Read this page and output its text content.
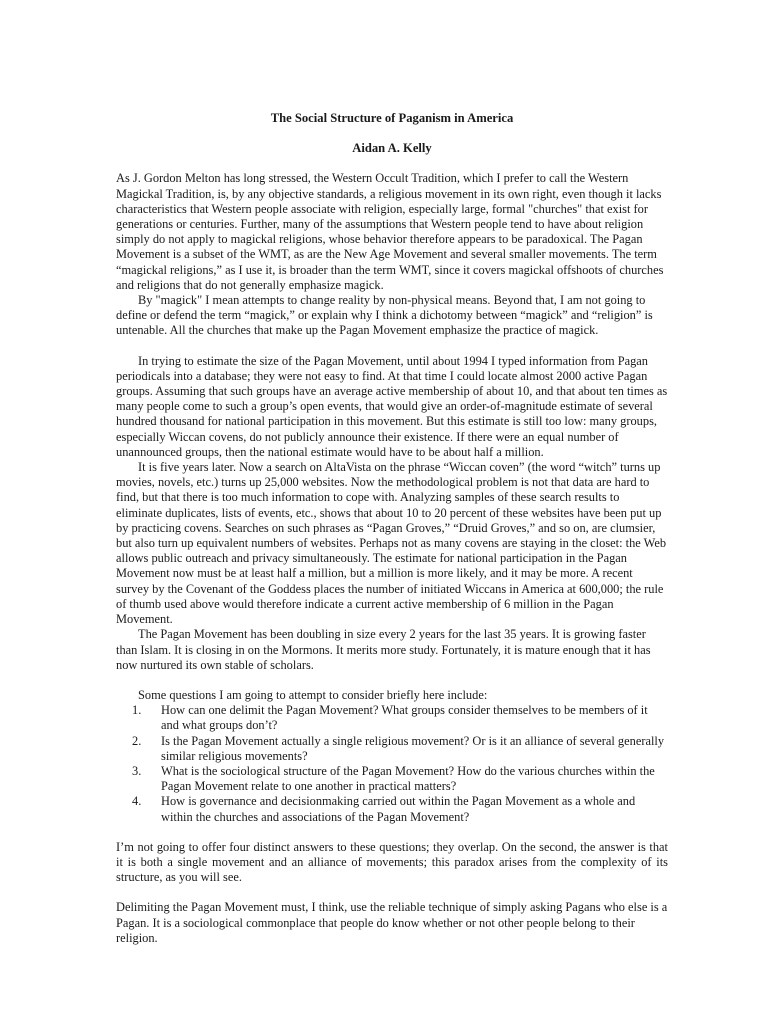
The Social Structure of Paganism in America

Aidan A. Kelly

As J. Gordon Melton has long stressed, the Western Occult Tradition, which I prefer to call the Western Magickal Tradition, is, by any objective standards, a religious movement in its own right, even though it lacks characteristics that Western people associate with religion, especially large, formal "churches" that exist for generations or centuries. Further, many of the assumptions that Western people tend to have about religion simply do not apply to magickal religions, whose behavior therefore appears to be paradoxical. The Pagan Movement is a subset of the WMT, as are the New Age Movement and several smaller movements. The term “magickal religions,” as I use it, is broader than the term WMT, since it covers magickal offshoots of churches and religions that do not generally emphasize magick.

By "magick" I mean attempts to change reality by non-physical means. Beyond that, I am not going to define or defend the term “magick,” or explain why I think a dichotomy between “magick” and “religion” is untenable. All the churches that make up the Pagan Movement emphasize the practice of magick.

In trying to estimate the size of the Pagan Movement, until about 1994 I typed information from Pagan periodicals into a database; they were not easy to find. At that time I could locate almost 2000 active Pagan groups. Assuming that such groups have an average active membership of about 10, and that about ten times as many people come to such a group’s open events, that would give an order-of-magnitude estimate of several hundred thousand for national participation in this movement. But this estimate is still too low: many groups, especially Wiccan covens, do not publicly announce their existence. If there were an equal number of unannounced groups, then the national estimate would have to be about half a million.

It is five years later. Now a search on AltaVista on the phrase “Wiccan coven” (the word “witch” turns up movies, novels, etc.) turns up 25,000 websites. Now the methodological problem is not that data are hard to find, but that there is too much information to cope with. Analyzing samples of these search results to eliminate duplicates, lists of events, etc., shows that about 10 to 20 percent of these websites have been put up by practicing covens. Searches on such phrases as “Pagan Groves,” “Druid Groves,” and so on, are clumsier, but also turn up equivalent numbers of websites. Perhaps not as many covens are staying in the closet: the Web allows public outreach and privacy simultaneously. The estimate for national participation in the Pagan Movement now must be at least half a million, but a million is more likely, and it may be more. A recent survey by the Covenant of the Goddess places the number of initiated Wiccans in America at 600,000; the rule of thumb used above would therefore indicate a current active membership of 6 million in the Pagan Movement.

The Pagan Movement has been doubling in size every 2 years for the last 35 years. It is growing faster than Islam. It is closing in on the Mormons. It merits more study. Fortunately, it is mature enough that it has now nurtured its own stable of scholars.

Some questions I am going to attempt to consider briefly here include:

1. How can one delimit the Pagan Movement? What groups consider themselves to be members of it and what groups don’t?
2. Is the Pagan Movement actually a single religious movement? Or is it an alliance of several generally similar religious movements?
3. What is the sociological structure of the Pagan Movement? How do the various churches within the Pagan Movement relate to one another in practical matters?
4. How is governance and decisionmaking carried out within the Pagan Movement as a whole and within the churches and associations of the Pagan Movement?

I’m not going to offer four distinct answers to these questions; they overlap. On the second, the answer is that it is both a single movement and an alliance of movements; this paradox arises from the complexity of its structure, as you will see.

Delimiting the Pagan Movement must, I think, use the reliable technique of simply asking Pagans who else is a Pagan. It is a sociological commonplace that people do know whether or not other people belong to their religion.
